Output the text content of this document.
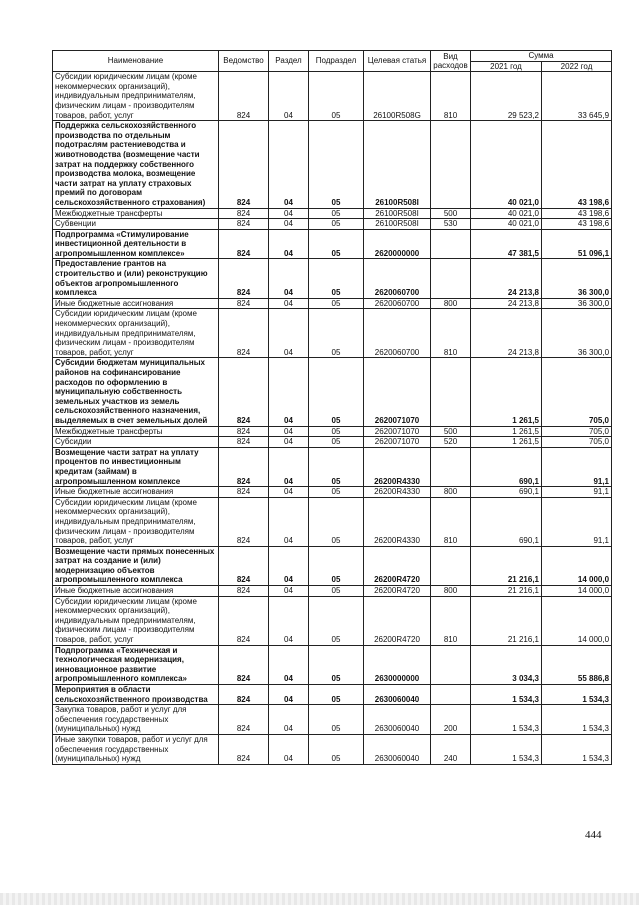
Наименование	Ведомство	Раздел	Подраздел	Целевая статья	Вид расходов	Сумма	
						2021 год	2022 год
Субсидии юридическим лицам (кроме некоммерческих организаций), индивидуальным предпринимателям, физическим лицам - производителям товаров, работ, услуг	824	04	05	26100R508G	810	29 523,2	33 645,9
Поддержка сельскохозяйственного производства по отдельным подотраслям растениеводства и животноводства (возмещение части затрат на поддержку собственного производства молока, возмещение части затрат на уплату страховых премий по договорам сельскохозяйственного страхования)	824	04	05	26100R508I		40 021,0	43 198,6
Межбюджетные трансферты	824	04	05	26100R508I	500	40 021,0	43 198,6
Субвенции	824	04	05	26100R508I	530	40 021,0	43 198,6
Подпрограмма «Стимулирование инвестиционной деятельности в агропромышленном комплексе»	824	04	05	2620000000		47 381,5	51 096,1
Предоставление грантов на строительство и (или) реконструкцию объектов агропромышленного комплекса	824	04	05	2620060700		24 213,8	36 300,0
Иные бюджетные ассигнования	824	04	05	2620060700	800	24 213,8	36 300,0
Субсидии юридическим лицам (кроме некоммерческих организаций), индивидуальным предпринимателям, физическим лицам - производителям товаров, работ, услуг	824	04	05	2620060700	810	24 213,8	36 300,0
Субсидии бюджетам муниципальных районов на софинансирование расходов по оформлению в муниципальную собственность земельных участков из земель сельскохозяйственного назначения, выделяемых в счет земельных долей	824	04	05	2620071070		1 261,5	705,0
Межбюджетные трансферты	824	04	05	2620071070	500	1 261,5	705,0
Субсидии	824	04	05	2620071070	520	1 261,5	705,0
Возмещение части затрат на уплату процентов по инвестиционным кредитам (займам) в агропромышленном комплексе	824	04	05	26200R4330		690,1	91,1
Иные бюджетные ассигнования	824	04	05	26200R4330	800	690,1	91,1
Субсидии юридическим лицам (кроме некоммерческих организаций), индивидуальным предпринимателям, физическим лицам - производителям товаров, работ, услуг	824	04	05	26200R4330	810	690,1	91,1
Возмещение части прямых понесенных затрат на создание и (или) модернизацию объектов агропромышленного комплекса	824	04	05	26200R4720		21 216,1	14 000,0
Иные бюджетные ассигнования	824	04	05	26200R4720	800	21 216,1	14 000,0
Субсидии юридическим лицам (кроме некоммерческих организаций), индивидуальным предпринимателям, физическим лицам - производителям товаров, работ, услуг	824	04	05	26200R4720	810	21 216,1	14 000,0
Подпрограмма «Техническая и технологическая модернизация, инновационное развитие агропромышленного комплекса»	824	04	05	2630000000		3 034,3	55 886,8
Мероприятия в области сельскохозяйственного производства	824	04	05	2630060040		1 534,3	1 534,3
Закупка товаров, работ и услуг для обеспечения государственных (муниципальных) нужд	824	04	05	2630060040	200	1 534,3	1 534,3
Иные закупки товаров, работ и услуг для обеспечения государственных (муниципальных) нужд	824	04	05	2630060040	240	1 534,3	1 534,3
444
